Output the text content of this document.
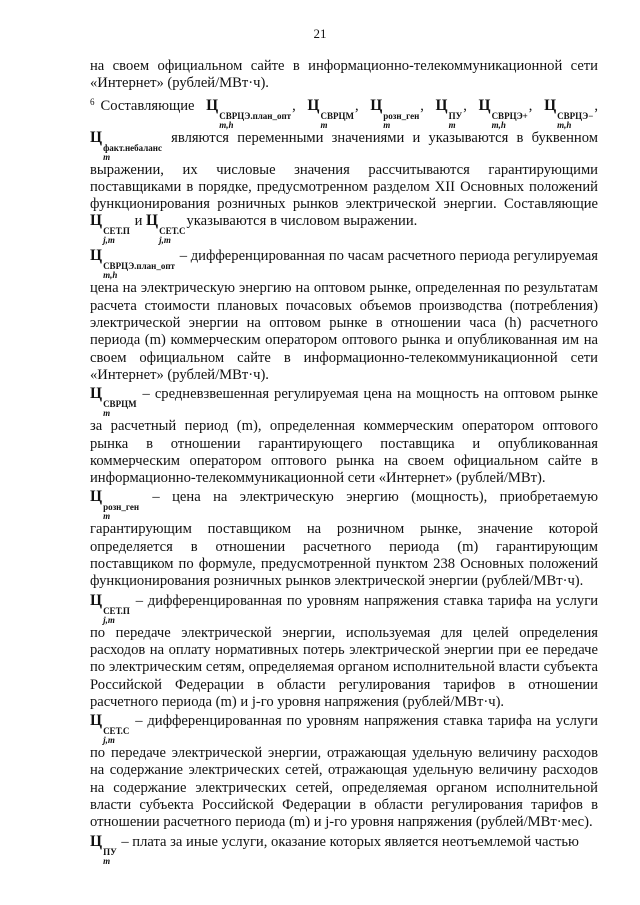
21

на своем официальном сайте в информационно-телекоммуникационной сети «Интернет» (рублей/МВт·ч).

$^6$ Составляющие Ц
СВРЦЭ.план_опт
m,h
, Ц
СВРЦМ
m
, Ц
розн_ген
m
, Ц
ПУ
m
, Ц
СВРЦЭ+
m,h
, Ц
СВРЦЭ−
m,h
, Ц
факт.небаланс
m
являются переменными значениями и указываются в буквенном выражении, их числовые значения рассчитываются гарантирующими поставщиками в порядке, предусмотренном разделом XII Основных положений функционирования розничных рынков электрической энергии. Составляющие Ц
СЕТ.П
j,m
и Ц
СЕТ.С
j,m
указываются в числовом выражении.

Ц
СВРЦЭ.план_опт
m,h
– дифференцированная по часам расчетного периода регулируемая цена на электрическую энергию на оптовом рынке, определенная по результатам расчета стоимости плановых почасовых объемов производства (потребления) электрической энергии на оптовом рынке в отношении часа (h) расчетного периода (m) коммерческим оператором оптового рынка и опубликованная им на своем официальном сайте в информационно-телекоммуникационной сети «Интернет» (рублей/МВт·ч).

Ц
СВРЦМ
m
– средневзвешенная регулируемая цена на мощность на оптовом рынке за расчетный период (m), определенная коммерческим оператором оптового рынка в отношении гарантирующего поставщика и опубликованная коммерческим оператором оптового рынка на своем официальном сайте в информационно-телекоммуникационной сети «Интернет» (рублей/МВт).

Ц
розн_ген
m
– цена на электрическую энергию (мощность), приобретаемую гарантирующим поставщиком на розничном рынке, значение которой определяется в отношении расчетного периода (m) гарантирующим поставщиком по формуле, предусмотренной пунктом 238 Основных положений функционирования розничных рынков электрической энергии (рублей/МВт·ч).

Ц
СЕТ.П
j,m
– дифференцированная по уровням напряжения ставка тарифа на услуги по передаче электрической энергии, используемая для целей определения расходов на оплату нормативных потерь электрической энергии при ее передаче по электрическим сетям, определяемая органом исполнительной власти субъекта Российской Федерации в области регулирования тарифов в отношении расчетного периода (m) и j-го уровня напряжения (рублей/МВт·ч).

Ц
СЕТ.С
j,m
– дифференцированная по уровням напряжения ставка тарифа на услуги по передаче электрической энергии, отражающая удельную величину расходов на содержание электрических сетей, отражающая удельную величину расходов на содержание электрических сетей, определяемая органом исполнительной власти субъекта Российской Федерации в области регулирования тарифов в отношении расчетного периода (m) и j-го уровня напряжения (рублей/МВт·мес).

Ц
ПУ
m
– плата за иные услуги, оказание которых является неотъемлемой частью
